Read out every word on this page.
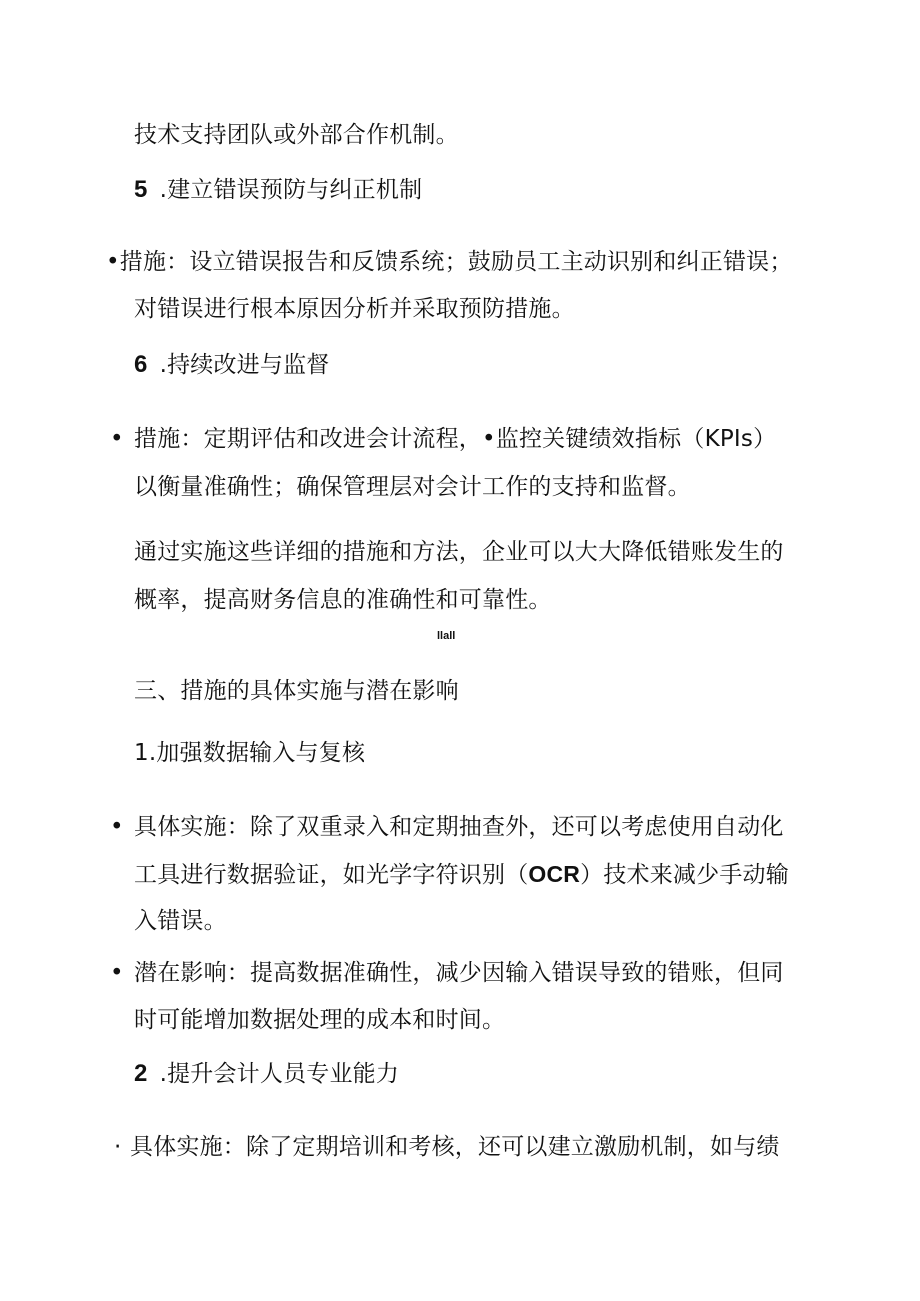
技术支持团队或外部合作机制。
5 .建立错误预防与纠正机制
•措施：设立错误报告和反馈系统；鼓励员工主动识别和纠正错误；
对错误进行根本原因分析并采取预防措施。
6 .持续改进与监督
• 措施：定期评估和改进会计流程，•监控关键绩效指标（KPIs）
以衡量准确性；确保管理层对会计工作的支持和监督。
通过实施这些详细的措施和方法，企业可以大大降低错账发生的
概率，提高财务信息的准确性和可靠性。
llall
三、措施的具体实施与潜在影响
1.加强数据输入与复核
• 具体实施：除了双重录入和定期抽查外，还可以考虑使用自动化
工具进行数据验证，如光学字符识别（OCR）技术来减少手动输
入错误。
• 潜在影响：提高数据准确性，减少因输入错误导致的错账，但同
时可能增加数据处理的成本和时间。
2 .提升会计人员专业能力
· 具体实施：除了定期培训和考核，还可以建立激励机制，如与绩
